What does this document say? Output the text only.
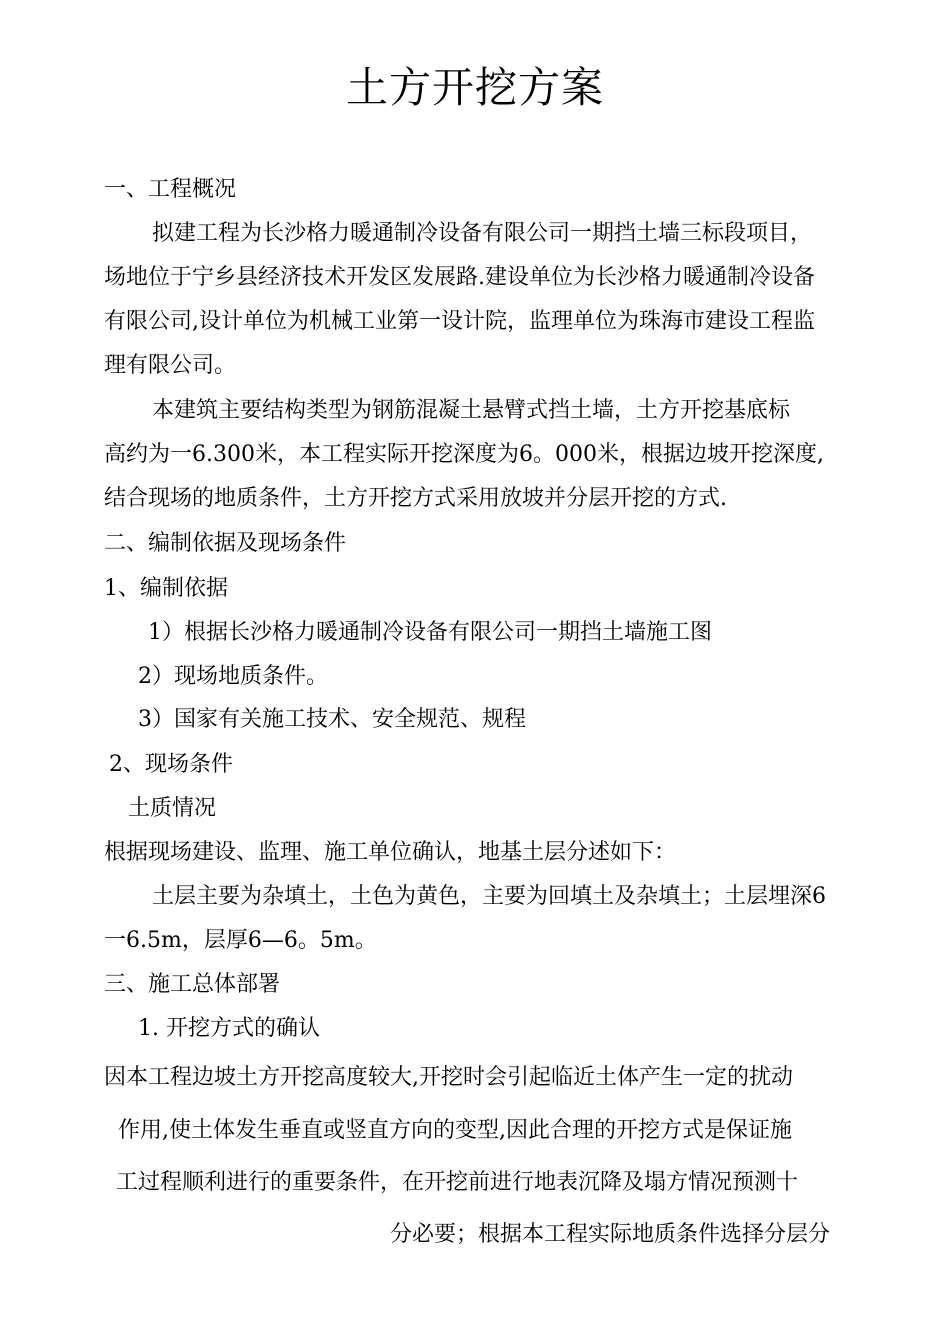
土方开挖方案
一、工程概况
拟建工程为长沙格力暖通制冷设备有限公司一期挡土墙三标段项目，
场地位于宁乡县经济技术开发区发展路.建设单位为长沙格力暖通制冷设备
有限公司,设计单位为机械工业第一设计院，监理单位为珠海市建设工程监
理有限公司。
本建筑主要结构类型为钢筋混凝土悬臂式挡土墙，土方开挖基底标
高约为一6.300米，本工程实际开挖深度为6。000米，根据边坡开挖深度,
结合现场的地质条件，土方开挖方式采用放坡并分层开挖的方式.
二、编制依据及现场条件
1、编制依据
1）根据长沙格力暖通制冷设备有限公司一期挡土墙施工图
2）现场地质条件。
3）国家有关施工技术、安全规范、规程
2、现场条件
土质情况
根据现场建设、监理、施工单位确认，地基土层分述如下：
土层主要为杂填土，土色为黄色，主要为回填土及杂填土；土层埋深6
一6.5m，层厚6—6。5m。
三、施工总体部署
1. 开挖方式的确认
因本工程边坡土方开挖高度较大,开挖时会引起临近土体产生一定的扰动
作用,使土体发生垂直或竖直方向的变型,因此合理的开挖方式是保证施
工过程顺利进行的重要条件，在开挖前进行地表沉降及塌方情况预测十
分必要；根据本工程实际地质条件选择分层分
